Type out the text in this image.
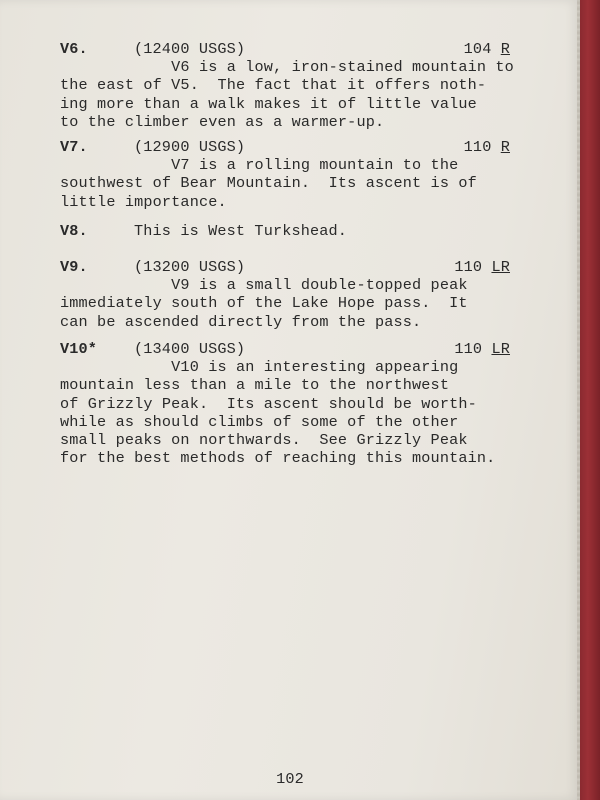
V6.	(12400 USGS)	104 R

V6 is a low, iron-stained mountain to
the east of V5.  The fact that it offers noth-
ing more than a walk makes it of little value
to the climber even as a warmer-up.

V7.	(12900 USGS)	110 R

V7 is a rolling mountain to the
southwest of Bear Mountain.  Its ascent is of
little importance.

V8.	This is West Turkshead.
V9.	(13200 USGS)	110 LR

V9 is a small double-topped peak
immediately south of the Lake Hope pass.  It
can be ascended directly from the pass.

V10* (13400 USGS)	110 LR

V10 is an interesting appearing
mountain less than a mile to the northwest
of Grizzly Peak.  Its ascent should be worth-
while as should climbs of some of the other
small peaks on northwards.  See Grizzly Peak
for the best methods of reaching this mountain.

102
